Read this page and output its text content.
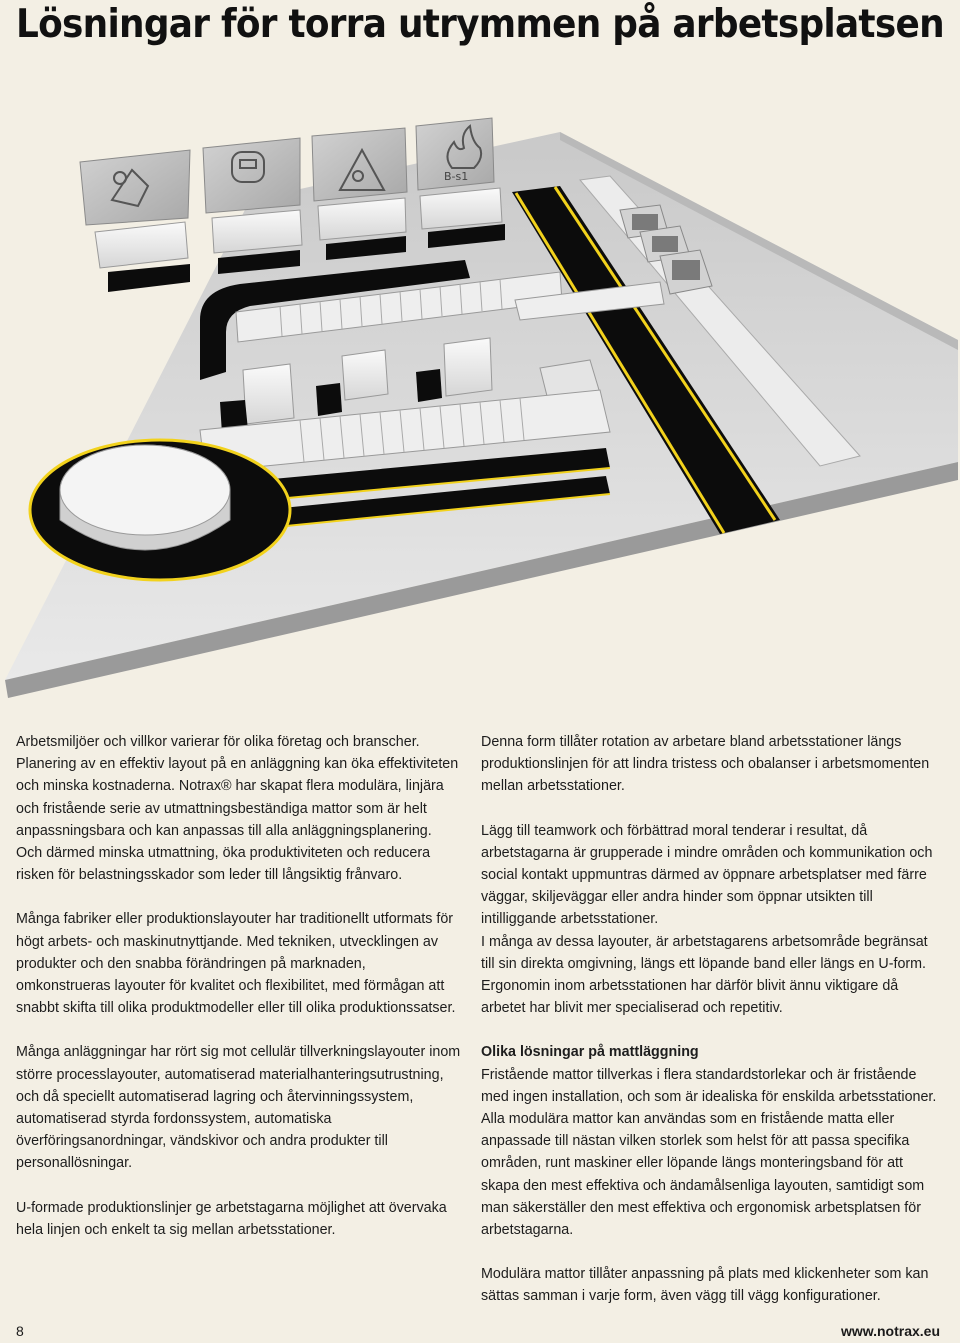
Lösningar för torra utrymmen på arbetsplatsen
B-s1

Arbetsmiljöer och villkor varierar för olika företag och branscher. Planering av en effektiv layout på en anläggning kan öka effektiviteten och minska kostnaderna. Notrax® har skapat flera modulära, linjära och fristående serie av utmattningsbeständiga mattor som är helt anpassningsbara och kan anpassas till alla anläggningsplanering. Och därmed minska utmattning, öka produktiviteten och reducera risken för belastningsskador som leder till långsiktig frånvaro.

Många fabriker eller produktionslayouter har traditionellt utformats för högt arbets- och maskinutnyttjande. Med tekniken, utvecklingen av produkter och den snabba förändringen på marknaden, omkonstrueras layouter för kvalitet och flexibilitet, med förmågan att snabbt skifta till olika produktmodeller eller till olika produktionssatser.

Många anläggningar har rört sig mot cellulär tillverkningslayouter inom större processlayouter, automatiserad materialhanteringsutrustning, och då speciellt automatiserad lagring och återvinningssystem, automatiserad styrda fordonssystem, automatiska överföringsanordningar, vändskivor och andra produkter till personallösningar.

U-formade produktionslinjer ge arbetstagarna möjlighet att övervaka hela linjen och enkelt ta sig mellan arbetsstationer.

Denna form tillåter rotation av arbetare bland arbetsstationer längs produktionslinjen för att lindra tristess och obalanser i arbetsmomenten mellan arbetsstationer.

Lägg till teamwork och förbättrad moral tenderar i resultat, då arbetstagarna är grupperade i mindre områden och kommunikation och social kontakt uppmuntras därmed av öppnare arbetsplatser med färre väggar, skiljeväggar eller andra hinder som öppnar utsikten till intilliggande arbetsstationer.
I många av dessa layouter, är arbetstagarens arbetsområde begränsat till sin direkta omgivning, längs ett löpande band eller längs en U-form. Ergonomin inom arbetsstationen har därför blivit ännu viktigare då arbetet har blivit mer specialiserad och repetitiv.

Olika lösningar på mattläggning

Fristående mattor tillverkas i flera standardstorlekar och är fristående med ingen installation, och som är idealiska för enskilda arbetsstationer. Alla modulära mattor kan användas som en fristående matta eller anpassade till nästan vilken storlek som helst för att passa specifika områden, runt maskiner eller löpande längs monteringsband för att skapa den mest effektiva och ändamålsenliga layouten, samtidigt som man säkerställer den mest effektiva och ergonomisk arbetsplatsen för arbetstagarna.

Modulära mattor tillåter anpassning på plats med klickenheter som kan sättas samman i varje form, även vägg till vägg konfigurationer.

8	www.notrax.eu
